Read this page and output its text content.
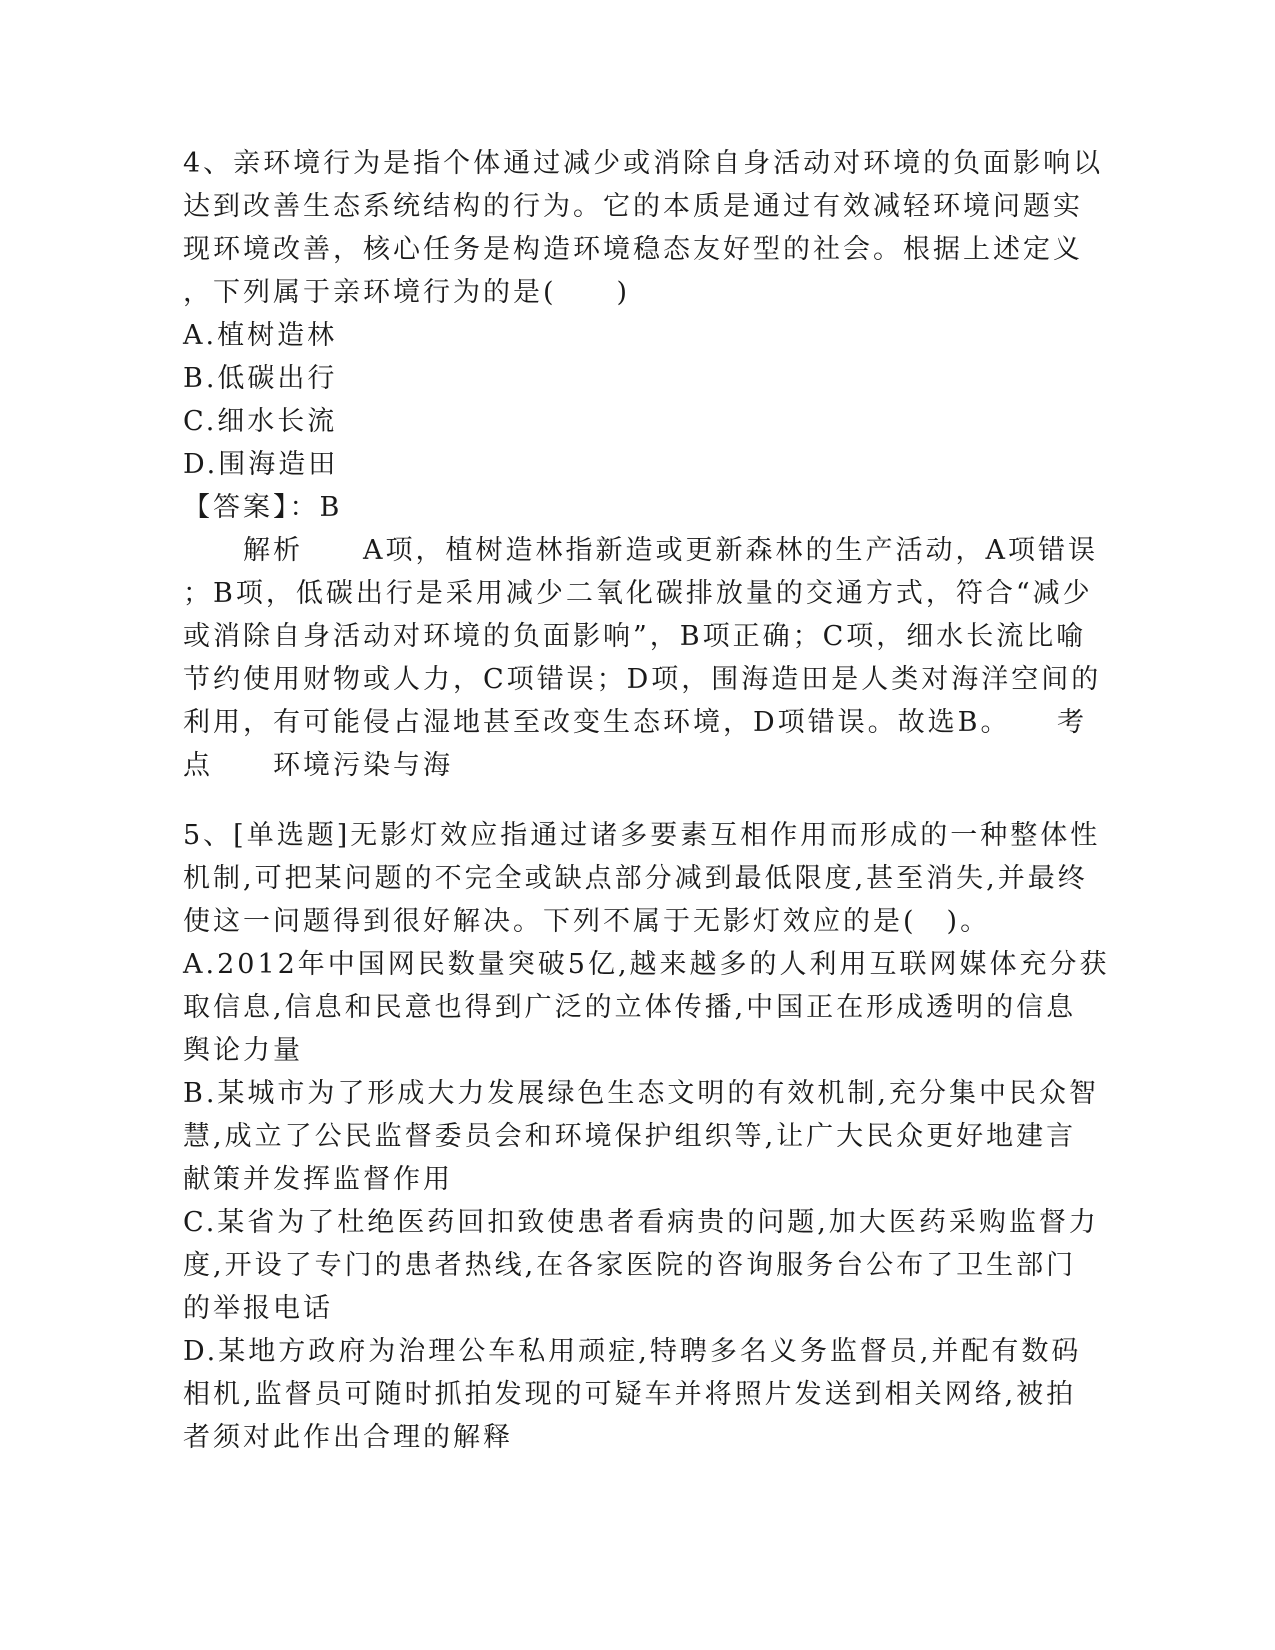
4、亲环境行为是指个体通过减少或消除自身活动对环境的负面影响以
达到改善生态系统结构的行为。它的本质是通过有效减轻环境问题实
现环境改善，核心任务是构造环境稳态友好型的社会。根据上述定义
，下列属于亲环境行为的是(　　)
A.植树造林
B.低碳出行
C.细水长流
D.围海造田
【答案】：B
　　解析　　A项，植树造林指新造或更新森林的生产活动，A项错误
；B项，低碳出行是采用减少二氧化碳排放量的交通方式，符合“减少
或消除自身活动对环境的负面影响”，B项正确；C项，细水长流比喻
节约使用财物或人力，C项错误；D项，围海造田是人类对海洋空间的
利用，有可能侵占湿地甚至改变生态环境，D项错误。故选B。　　考
点　　环境污染与海
5、[单选题]无影灯效应指通过诸多要素互相作用而形成的一种整体性
机制,可把某问题的不完全或缺点部分减到最低限度,甚至消失,并最终
使这一问题得到很好解决。下列不属于无影灯效应的是(　)。
A.2012年中国网民数量突破5亿,越来越多的人利用互联网媒体充分获
取信息,信息和民意也得到广泛的立体传播,中国正在形成透明的信息
舆论力量
B.某城市为了形成大力发展绿色生态文明的有效机制,充分集中民众智
慧,成立了公民监督委员会和环境保护组织等,让广大民众更好地建言
献策并发挥监督作用
C.某省为了杜绝医药回扣致使患者看病贵的问题,加大医药采购监督力
度,开设了专门的患者热线,在各家医院的咨询服务台公布了卫生部门
的举报电话
D.某地方政府为治理公车私用顽症,特聘多名义务监督员,并配有数码
相机,监督员可随时抓拍发现的可疑车并将照片发送到相关网络,被拍
者须对此作出合理的解释
